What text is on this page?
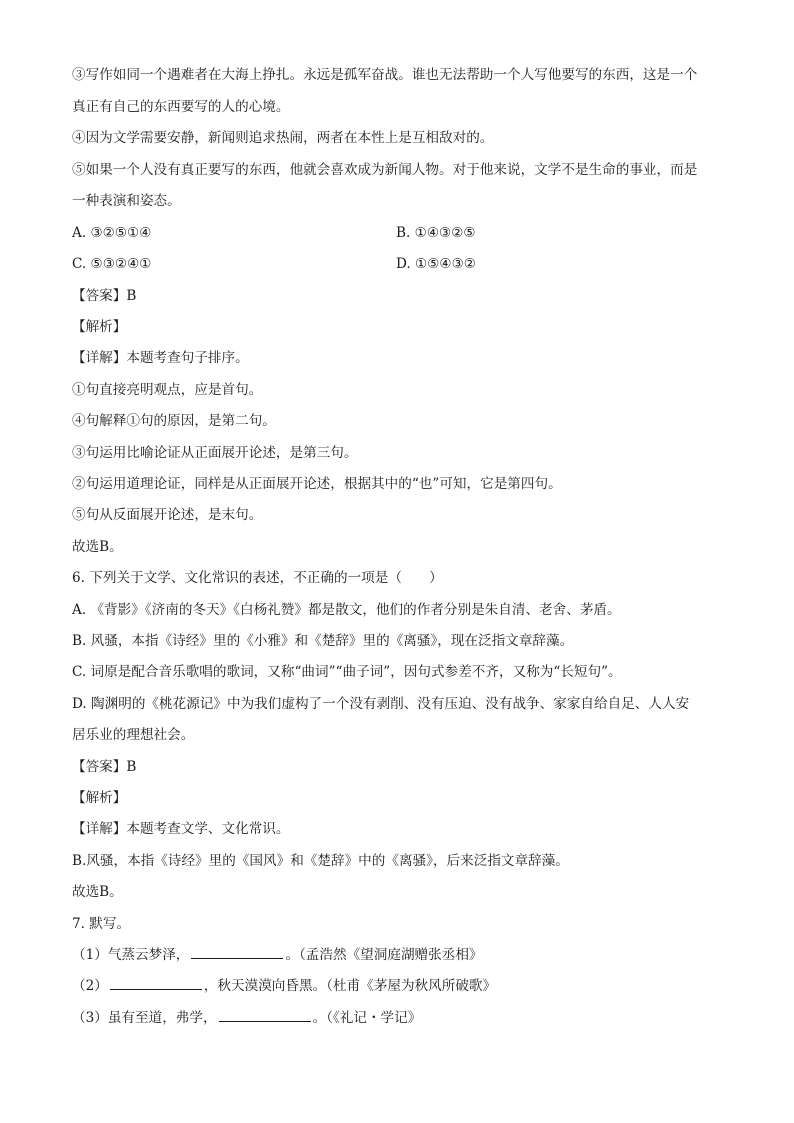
③写作如同一个遇难者在大海上挣扎。永远是孤军奋战。谁也无法帮助一个人写他要写的东西，这是一个
真正有自己的东西要写的人的心境。
④因为文学需要安静，新闻则追求热闹，两者在本性上是互相敌对的。
⑤如果一个人没有真正要写的东西，他就会喜欢成为新闻人物。对于他来说，文学不是生命的事业，而是
一种表演和姿态。
A. ③②⑤①④	B. ①④③②⑤
C. ⑤③②④①	D. ①⑤④③②
【答案】B
【解析】
【详解】本题考查句子排序。
①句直接亮明观点，应是首句。
④句解释①句的原因，是第二句。
③句运用比喻论证从正面展开论述，是第三句。
②句运用道理论证，同样是从正面展开论述，根据其中的“也”可知，它是第四句。
⑤句从反面展开论述，是末句。
故选B。
6. 下列关于文学、文化常识的表述，不正确的一项是（　　）
A. 《背影》《济南的冬天》《白杨礼赞》都是散文，他们的作者分别是朱自清、老舍、茅盾。
B. 风骚，本指《诗经》里的《小雅》和《楚辞》里的《离骚》，现在泛指文章辞藻。
C. 词原是配合音乐歌唱的歌词，又称“曲词”“曲子词”，因句式参差不齐，又称为“长短句”。
D. 陶渊明的《桃花源记》中为我们虚构了一个没有剥削、没有压迫、没有战争、家家自给自足、人人安
居乐业的理想社会。
【答案】B
【解析】
【详解】本题考查文学、文化常识。
B.风骚，本指《诗经》里的《国风》和《楚辞》中的《离骚》，后来泛指文章辞藻。
故选B。
7. 默写。
（1）气蒸云梦泽，	。（孟浩然《望洞庭湖赠张丞相》
（2）	，秋天漠漠向昏黑。（杜甫《茅屋为秋风所破歌》
（3）虽有至道，弗学，	。（《礼记・学记》
